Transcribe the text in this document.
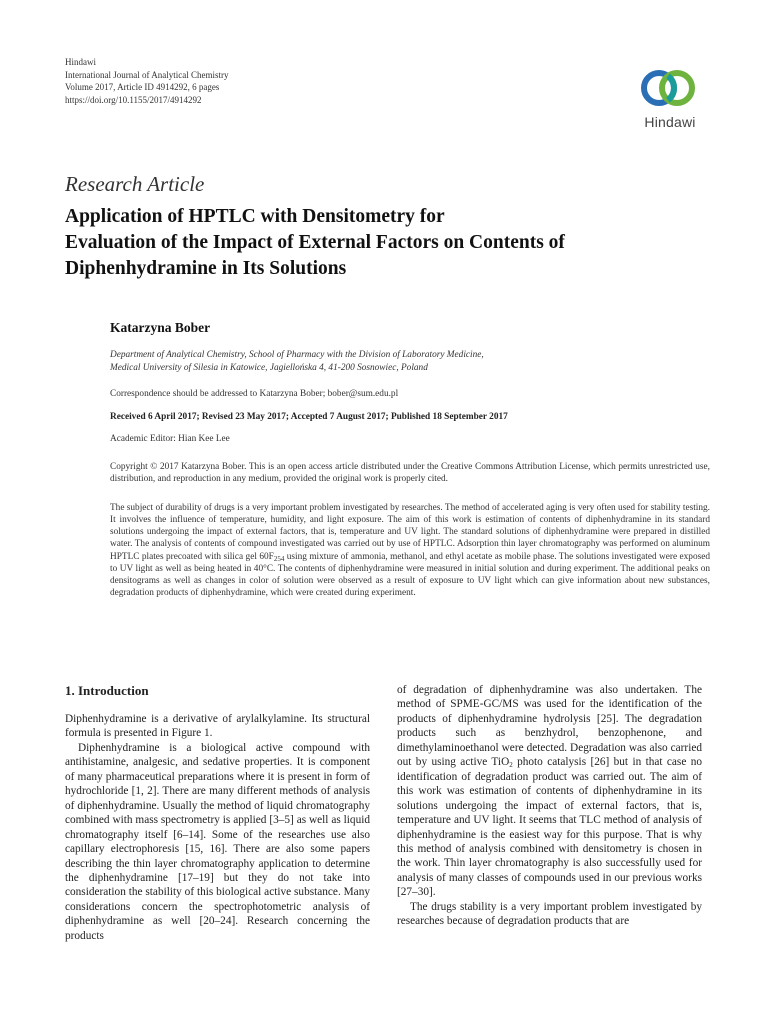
Hindawi
International Journal of Analytical Chemistry
Volume 2017, Article ID 4914292, 6 pages
https://doi.org/10.1155/2017/4914292
Hindawi
Research Article
Application of HPTLC with Densitometry for
Evaluation of the Impact of External Factors on Contents of
Diphenhydramine in Its Solutions
Katarzyna Bober
Department of Analytical Chemistry, School of Pharmacy with the Division of Laboratory Medicine,
Medical University of Silesia in Katowice, Jagiellońska 4, 41-200 Sosnowiec, Poland
Correspondence should be addressed to Katarzyna Bober; bober@sum.edu.pl
Received 6 April 2017; Revised 23 May 2017; Accepted 7 August 2017; Published 18 September 2017
Academic Editor: Hian Kee Lee
Copyright © 2017 Katarzyna Bober. This is an open access article distributed under the Creative Commons Attribution License, which permits unrestricted use, distribution, and reproduction in any medium, provided the original work is properly cited.
The subject of durability of drugs is a very important problem investigated by researches. The method of accelerated aging is very often used for stability testing. It involves the influence of temperature, humidity, and light exposure. The aim of this work is estimation of contents of diphenhydramine in its standard solutions undergoing the impact of external factors, that is, temperature and UV light. The standard solutions of diphenhydramine were prepared in distilled water. The analysis of contents of compound investigated was carried out by use of HPTLC. Adsorption thin layer chromatography was performed on aluminum HPTLC plates precoated with silica gel $60F_{254}$ using mixture of ammonia, methanol, and ethyl acetate as mobile phase. The solutions investigated were exposed to UV light as well as being heated in 40°C. The contents of diphenhydramine were measured in initial solution and during experiment. The additional peaks on densitograms as well as changes in color of solution were observed as a result of exposure to UV light which can give information about new substances, degradation products of diphenhydramine, which were created during experiment.
1. Introduction

Diphenhydramine is a derivative of arylalkylamine. Its structural formula is presented in Figure 1.

Diphenhydramine is a biological active compound with antihistamine, analgesic, and sedative properties. It is component of many pharmaceutical preparations where it is present in form of hydrochloride [1, 2]. There are many different methods of analysis of diphenhydramine. Usually the method of liquid chromatography combined with mass spectrometry is applied [3–5] as well as liquid chromatography itself [6–14]. Some of the researches use also capillary electrophoresis [15, 16]. There are also some papers describing the thin layer chromatography application to determine the diphenhydramine [17–19] but they do not take into consideration the stability of this biological active substance. Many considerations concern the spectrophotometric analysis of diphenhydramine as well [20–24]. Research concerning the products

of degradation of diphenhydramine was also undertaken. The method of SPME-GC/MS was used for the identification of the products of diphenhydramine hydrolysis [25]. The degradation products such as benzhydrol, benzophenone, and dimethylaminoethanol were detected. Degradation was also carried out by using active TiO$_2$ photo catalysis [26] but in that case no identification of degradation product was carried out. The aim of this work was estimation of contents of diphenhydramine in its solutions undergoing the impact of external factors, that is, temperature and UV light. It seems that TLC method of analysis of diphenhydramine is the easiest way for this purpose. That is why this method of analysis combined with densitometry is chosen in the work. Thin layer chromatography is also successfully used for analysis of many classes of compounds used in our previous works [27–30].

The drugs stability is a very important problem investigated by researches because of degradation products that are
